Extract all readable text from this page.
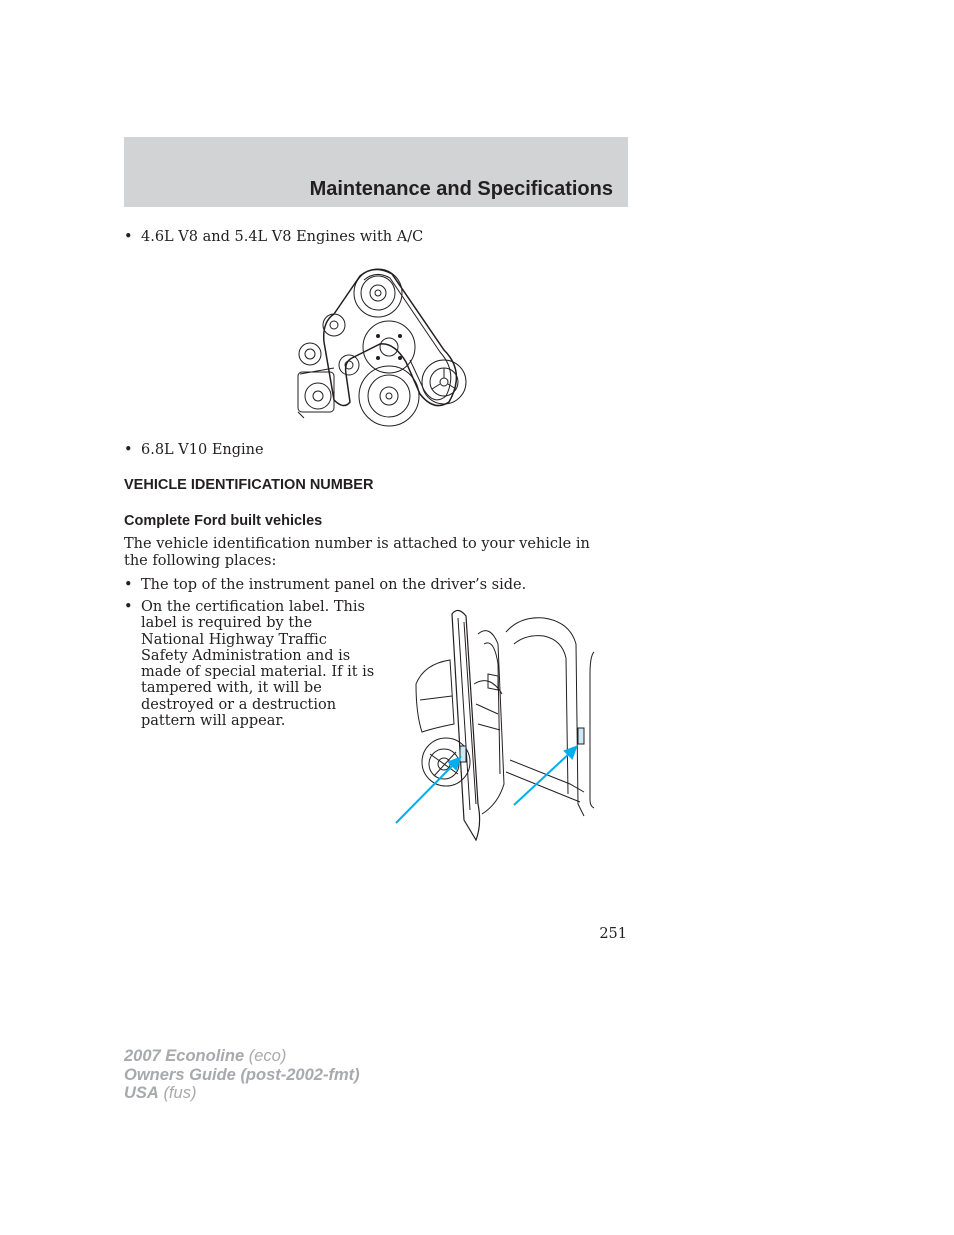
Maintenance and Specifications
• 4.6L V8 and 5.4L V8 Engines with A/C
• 6.8L V10 Engine
VEHICLE IDENTIFICATION NUMBER
Complete Ford built vehicles
The vehicle identification number is attached to your vehicle in the following places:
• The top of the instrument panel on the driver’s side.
• On the certification label. This label is required by the National Highway Traffic Safety Administration and is made of special material. If it is tampered with, it will be destroyed or a destruction pattern will appear.
251
2007 Econoline (eco)
Owners Guide (post-2002-fmt)
USA (fus)
